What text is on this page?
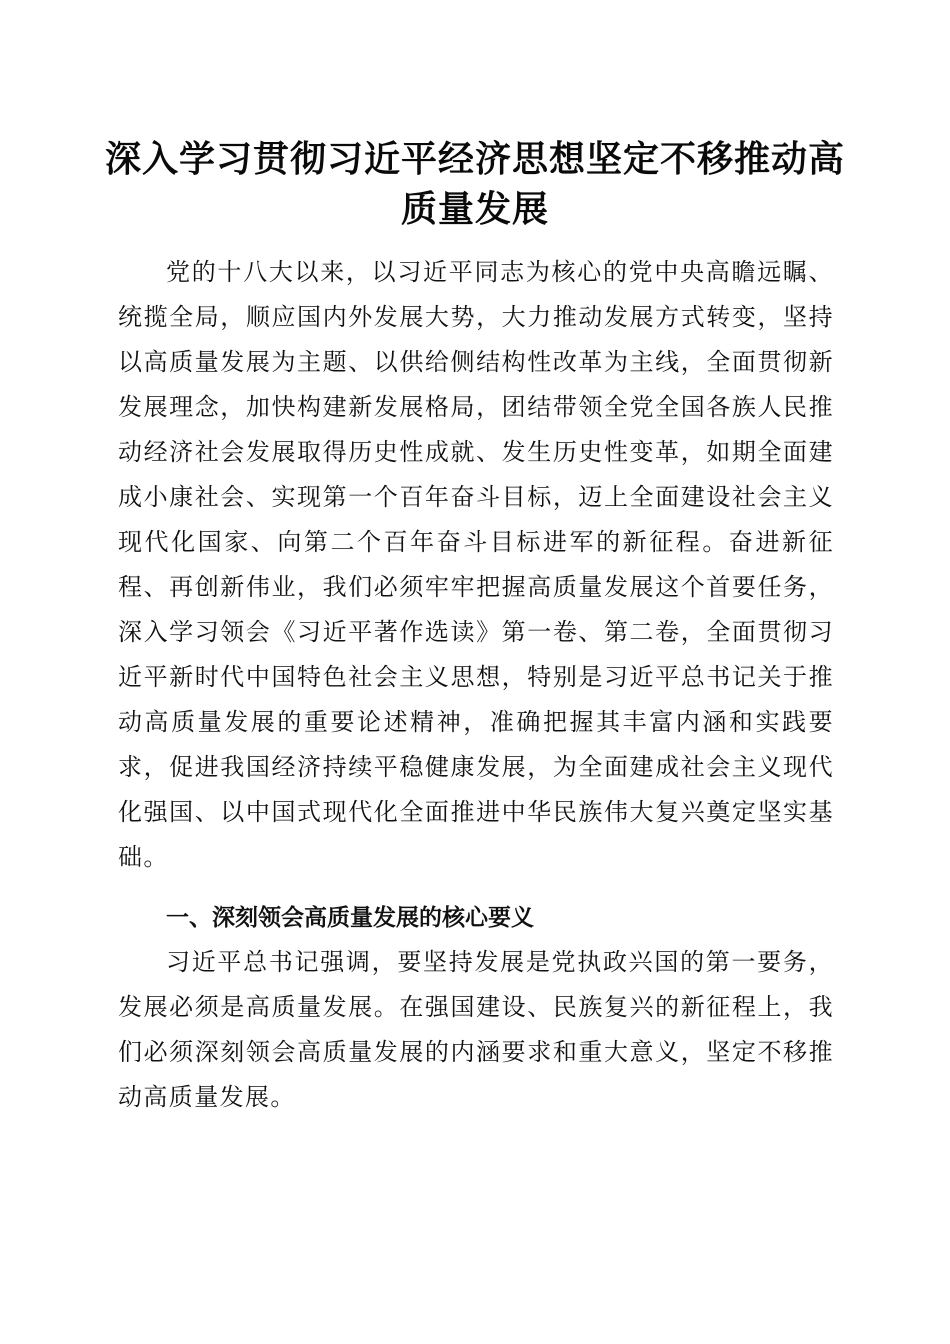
深入学习贯彻习近平经济思想坚定不移推动高质量发展

党的十八大以来，以习近平同志为核心的党中央高瞻远瞩、统揽全局，顺应国内外发展大势，大力推动发展方式转变，坚持以高质量发展为主题、以供给侧结构性改革为主线，全面贯彻新发展理念，加快构建新发展格局，团结带领全党全国各族人民推动经济社会发展取得历史性成就、发生历史性变革，如期全面建成小康社会、实现第一个百年奋斗目标，迈上全面建设社会主义现代化国家、向第二个百年奋斗目标进军的新征程。奋进新征程、再创新伟业，我们必须牢牢把握高质量发展这个首要任务，深入学习领会《习近平著作选读》第一卷、第二卷，全面贯彻习近平新时代中国特色社会主义思想，特别是习近平总书记关于推动高质量发展的重要论述精神，准确把握其丰富内涵和实践要求，促进我国经济持续平稳健康发展，为全面建成社会主义现代化强国、以中国式现代化全面推进中华民族伟大复兴奠定坚实基础。

一、深刻领会高质量发展的核心要义

习近平总书记强调，要坚持发展是党执政兴国的第一要务，发展必须是高质量发展。在强国建设、民族复兴的新征程上，我们必须深刻领会高质量发展的内涵要求和重大意义，坚定不移推动高质量发展。
